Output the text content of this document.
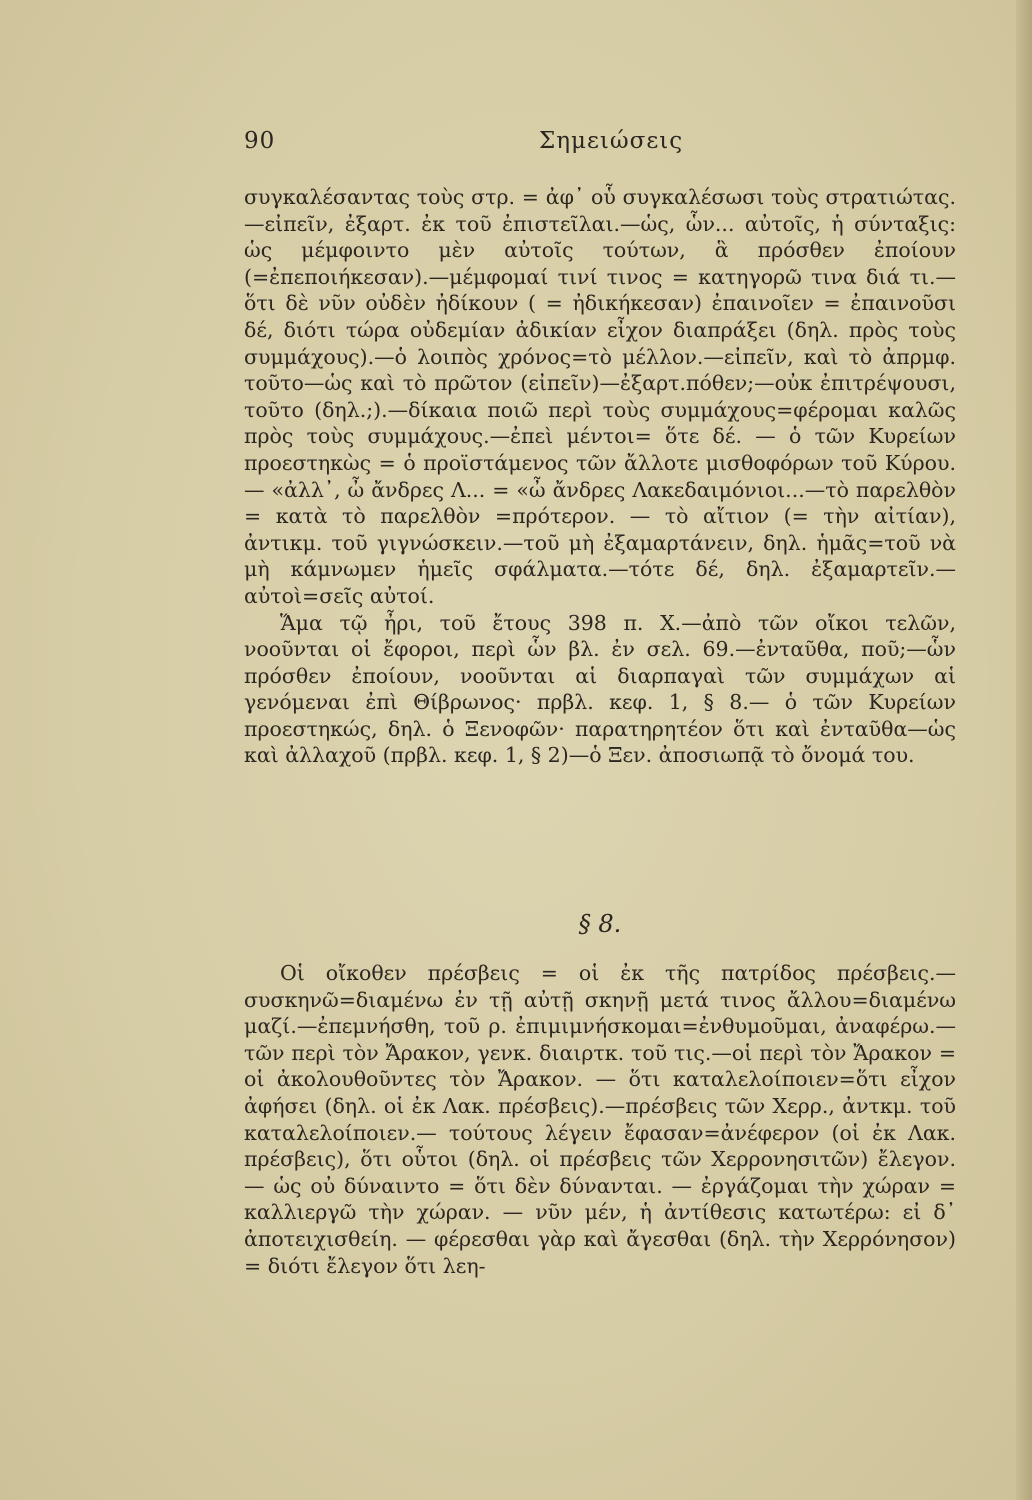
90	Σημειώσεις

συγκαλέσαντας τοὺς στρ. = ἀφ᾿ οὗ συγκαλέσωσι τοὺς στρατιώτας.—εἰπεῖν, ἐξαρτ. ἐκ τοῦ ἐπιστεῖλαι.—ὡς, ὧν... αὐτοῖς, ἡ σύνταξις: ὡς μέμφοιντο μὲν αὐτοῖς τούτων, ἃ πρόσθεν ἐποίουν (=ἐπεποιήκεσαν).—μέμφομαί τινί τινος = κατηγορῶ τινα διά τι.—ὅτι δὲ νῦν οὐδὲν ἠδίκουν ( = ἠδικήκεσαν) ἐπαινοῖεν = ἐπαινοῦσι δέ, διότι τώρα οὐδεμίαν ἀδικίαν εἶχον διαπράξει (δηλ. πρὸς τοὺς συμμάχους).—ὁ λοιπὸς χρόνος=τὸ μέλλον.—εἰπεῖν, καὶ τὸ ἀπρμφ. τοῦτο—ὡς καὶ τὸ πρῶτον (εἰπεῖν)—ἐξαρτ.πόθεν;—οὐκ ἐπιτρέψουσι, τοῦτο (δηλ.;).—δίκαια ποιῶ περὶ τοὺς συμμάχους=φέρομαι καλῶς πρὸς τοὺς συμμάχους.—ἐπεὶ μέντοι= ὅτε δέ. — ὁ τῶν Κυρείων προεστηκὼς = ὁ προϊστάμενος τῶν ἄλλοτε μισθοφόρων τοῦ Κύρου. — «ἀλλ᾿, ὦ ἄνδρες Λ... = «ὦ ἄνδρες Λακεδαιμόνιοι...—τὸ παρελθὸν = κατὰ τὸ παρελθὸν =πρότερον. — τὸ αἴτιον (= τὴν αἰτίαν), ἀντικμ. τοῦ γιγνώσκειν.—τοῦ μὴ ἐξαμαρτάνειν, δηλ. ἡμᾶς=τοῦ νὰ μὴ κάμνωμεν ἡμεῖς σφάλματα.—τότε δέ, δηλ. ἐξαμαρτεῖν.—αὐτοὶ=σεῖς αὐτοί.

Ἅμα τῷ ἦρι, τοῦ ἔτους 398 π. Χ.—ἀπὸ τῶν οἴκοι τελῶν, νοοῦνται οἱ ἔφοροι, περὶ ὧν βλ. ἐν σελ. 69.—ἐνταῦθα, ποῦ;—ὧν πρόσθεν ἐποίουν, νοοῦνται αἱ διαρπαγαὶ τῶν συμμάχων αἱ γενόμεναι ἐπὶ Θίβρωνος· πρβλ. κεφ. 1, § 8.— ὁ τῶν Κυρείων προεστηκώς, δηλ. ὁ Ξενοφῶν· παρατηρητέον ὅτι καὶ ἐνταῦθα—ὡς καὶ ἀλλαχοῦ (πρβλ. κεφ. 1, § 2)—ὁ Ξεν. ἀποσιωπᾷ τὸ ὄνομά του.

§ 8.

Οἱ οἴκοθεν πρέσβεις = οἱ ἐκ τῆς πατρίδος πρέσβεις.— συσκηνῶ=διαμένω ἐν τῇ αὐτῇ σκηνῇ μετά τινος ἄλλου=διαμένω μαζί.—ἐπεμνήσθη, τοῦ ρ. ἐπιμιμνήσκομαι=ἐνθυμοῦμαι, ἀναφέρω.—τῶν περὶ τὸν Ἄρακον, γενκ. διαιρτκ. τοῦ τις.—οἱ περὶ τὸν Ἄρακον = οἱ ἀκολουθοῦντες τὸν Ἄρακον. — ὅτι καταλελοίποιεν=ὅτι εἶχον ἀφήσει (δηλ. οἱ ἐκ Λακ. πρέσβεις).—πρέσβεις τῶν Χερρ., ἀντκμ. τοῦ καταλελοίποιεν.— τούτους λέγειν ἔφασαν=ἀνέφερον (οἱ ἐκ Λακ. πρέσβεις), ὅτι οὗτοι (δηλ. οἱ πρέσβεις τῶν Χερρονησιτῶν) ἔλεγον. — ὡς οὐ δύναιντο = ὅτι δὲν δύνανται. — ἐργάζομαι τὴν χώραν = καλλιεργῶ τὴν χώραν. — νῦν μέν, ἡ ἀντίθεσις κατωτέρω: εἰ δ᾿ ἀποτειχισθείη. — φέρεσθαι γὰρ καὶ ἄγεσθαι (δηλ. τὴν Χερρόνησον) = διότι ἔλεγον ὅτι λεη-
